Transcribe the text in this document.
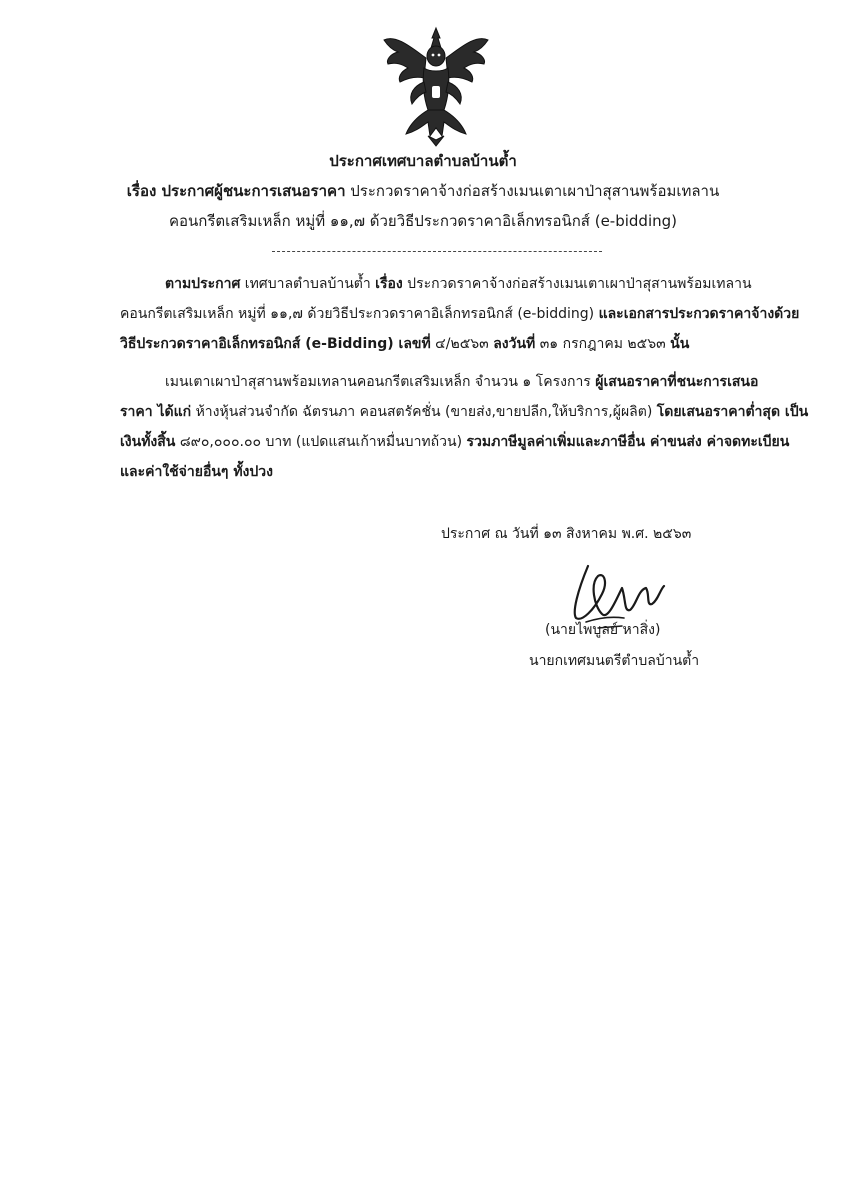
ประกาศเทศบาลตำบลบ้านต้ำ
เรื่อง ประกาศผู้ชนะการเสนอราคา ประกวดราคาจ้างก่อสร้างเมนเตาเผาป่าสุสานพร้อมเทลาน
คอนกรีตเสริมเหล็ก หมู่ที่ ๑๑,๗ ด้วยวิธีประกวดราคาอิเล็กทรอนิกส์ (e-bidding)
ตามประกาศ เทศบาลตำบลบ้านต้ำ เรื่อง ประกวดราคาจ้างก่อสร้างเมนเตาเผาป่าสุสานพร้อมเทลาน
คอนกรีตเสริมเหล็ก หมู่ที่ ๑๑,๗ ด้วยวิธีประกวดราคาอิเล็กทรอนิกส์ (e-bidding) และเอกสารประกวดราคาจ้างด้วย
วิธีประกวดราคาอิเล็กทรอนิกส์ (e-Bidding) เลขที่ ๔/๒๕๖๓ ลงวันที่ ๓๑ กรกฎาคม ๒๕๖๓ นั้น
เมนเตาเผาป่าสุสานพร้อมเทลานคอนกรีตเสริมเหล็ก จำนวน ๑ โครงการ ผู้เสนอราคาที่ชนะการเสนอ
ราคา ได้แก่ ห้างหุ้นส่วนจำกัด ฉัตรนภา คอนสตรัคชั่น (ขายส่ง,ขายปลีก,ให้บริการ,ผู้ผลิต) โดยเสนอราคาต่ำสุด เป็น
เงินทั้งสิ้น ๘๙๐,๐๐๐.๐๐ บาท (แปดแสนเก้าหมื่นบาทถ้วน) รวมภาษีมูลค่าเพิ่มและภาษีอื่น ค่าขนส่ง ค่าจดทะเบียน
และค่าใช้จ่ายอื่นๆ ทั้งปวง
ประกาศ ณ วันที่ ๑๓ สิงหาคม พ.ศ. ๒๕๖๓
(นายไพบูลย์ หาสิ่ง)
นายกเทศมนตรีตำบลบ้านต้ำ
